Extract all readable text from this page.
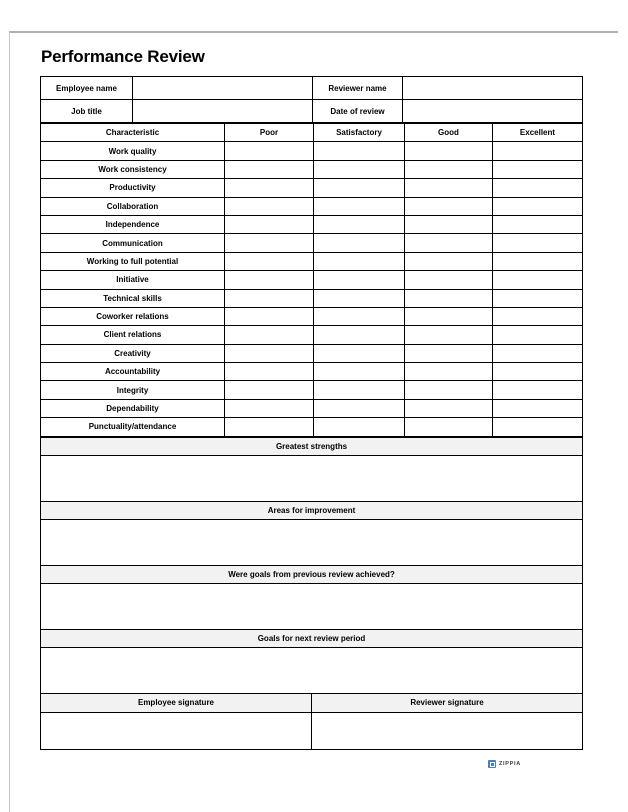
Performance Review
Employee name		Reviewer name	
Job title		Date of review	
Characteristic	Poor	Satisfactory	Good	Excellent
Work quality				
Work consistency				
Productivity				
Collaboration				
Independence				
Communication				
Working to full potential				
Initiative				
Technical skills				
Coworker relations				
Client relations				
Creativity				
Accountability				
Integrity				
Dependability				
Punctuality/attendance				
Greatest strengths	

Areas for improvement	

Were goals from previous review achieved?	

Goals for next review period	

Employee signature	Reviewer signature

ZIPPIA
